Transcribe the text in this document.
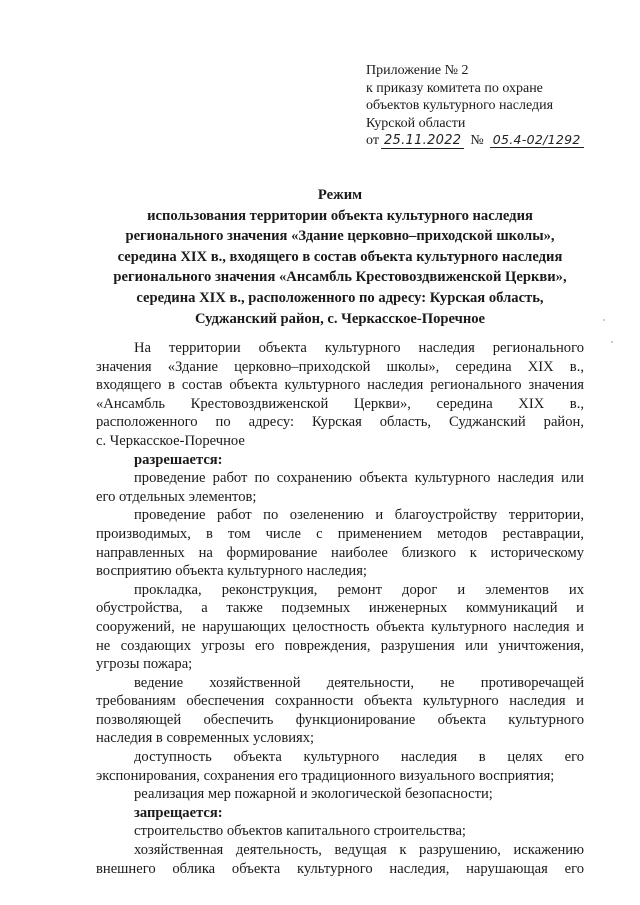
Приложение № 2
к приказу комитета по охране
объектов культурного наследия
Курской области
от 25.11.2022 № 05.4-02/1292
Режим
использования территории объекта культурного наследия
регионального значения «Здание церковно–приходской школы»,
середина XIX в., входящего в состав объекта культурного наследия
регионального значения «Ансамбль Крестовоздвиженской Церкви»,
середина XIX в., расположенного по адресу: Курская область,
Суджанский район, с. Черкасское-Поречное
На территории объекта культурного наследия регионального
значения «Здание церковно–приходской школы», середина XIX в.,
входящего в состав объекта культурного наследия регионального значения
«Ансамбль Крестовоздвиженской Церкви», середина XIX в.,
расположенного по адресу: Курская область, Суджанский район,
с. Черкасское-Поречное
разрешается:
проведение работ по сохранению объекта культурного наследия или
его отдельных элементов;
проведение работ по озеленению и благоустройству территории,
производимых, в том числе с применением методов реставрации,
направленных на формирование наиболее близкого к историческому
восприятию объекта культурного наследия;
прокладка, реконструкция, ремонт дорог и элементов их
обустройства, а также подземных инженерных коммуникаций и
сооружений, не нарушающих целостность объекта культурного наследия и
не создающих угрозы его повреждения, разрушения или уничтожения,
угрозы пожара;
ведение хозяйственной деятельности, не противоречащей
требованиям обеспечения сохранности объекта культурного наследия и
позволяющей обеспечить функционирование объекта культурного
наследия в современных условиях;
доступность объекта культурного наследия в целях его
экспонирования, сохранения его традиционного визуального восприятия;
реализация мер пожарной и экологической безопасности;
запрещается:
строительство объектов капитального строительства;
хозяйственная деятельность, ведущая к разрушению, искажению
внешнего облика объекта культурного наследия, нарушающая его
